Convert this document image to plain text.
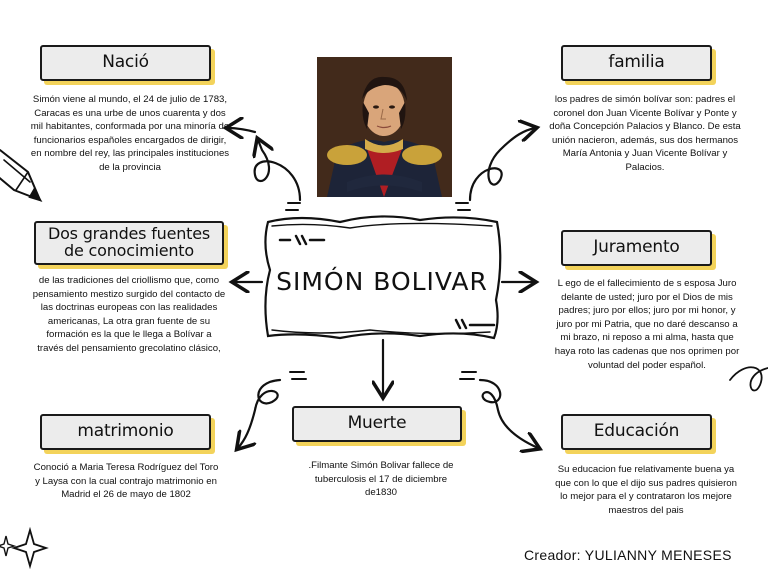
SIMÓN BOLIVAR
Nació
Simón viene al mundo, el 24 de julio de 1783, Caracas es una urbe de unos cuarenta y dos mil habitantes, conformada por una minoría de funcionarios españoles encargados de dirigir, en nombre del rey, las principales instituciones de la provincia
familia
los padres de simón bolívar son: padres el coronel don Juan Vicente Bolívar y Ponte y doña Concepción Palacios y Blanco. De esta unión nacieron, además, sus dos hermanos María Antonia y Juan Vicente Bolívar y Palacios.
Dos grandes fuentes de conocimiento
de las tradiciones del criollismo que, como pensamiento mestizo surgido del contacto de las doctrinas europeas con las realidades americanas, La otra gran fuente de su formación es la que le llega a Bolívar a través del pensamiento grecolatino clásico,
Juramento
L ego de el fallecimiento de s esposa Juro delante de usted; juro por el Dios de mis padres; juro por ellos; juro por mi honor, y juro por mi Patria, que no daré descanso a mi brazo, ni reposo a mi alma, hasta que haya roto las cadenas que nos oprimen por voluntad del poder español.
matrimonio
Conoció a Maria Teresa Rodríguez del Toro y Laysa con la cual contrajo matrimonio en Madrid el 26 de mayo de 1802
Muerte
.Filmante Simón Bolivar fallece de tuberculosis el 17 de diciembre de1830
Educación
Su educacion fue relativamente buena ya que con lo que el dijo sus padres quisieron lo mejor para el y contrataron los mejore maestros del pais
Creador: YULIANNY MENESES
